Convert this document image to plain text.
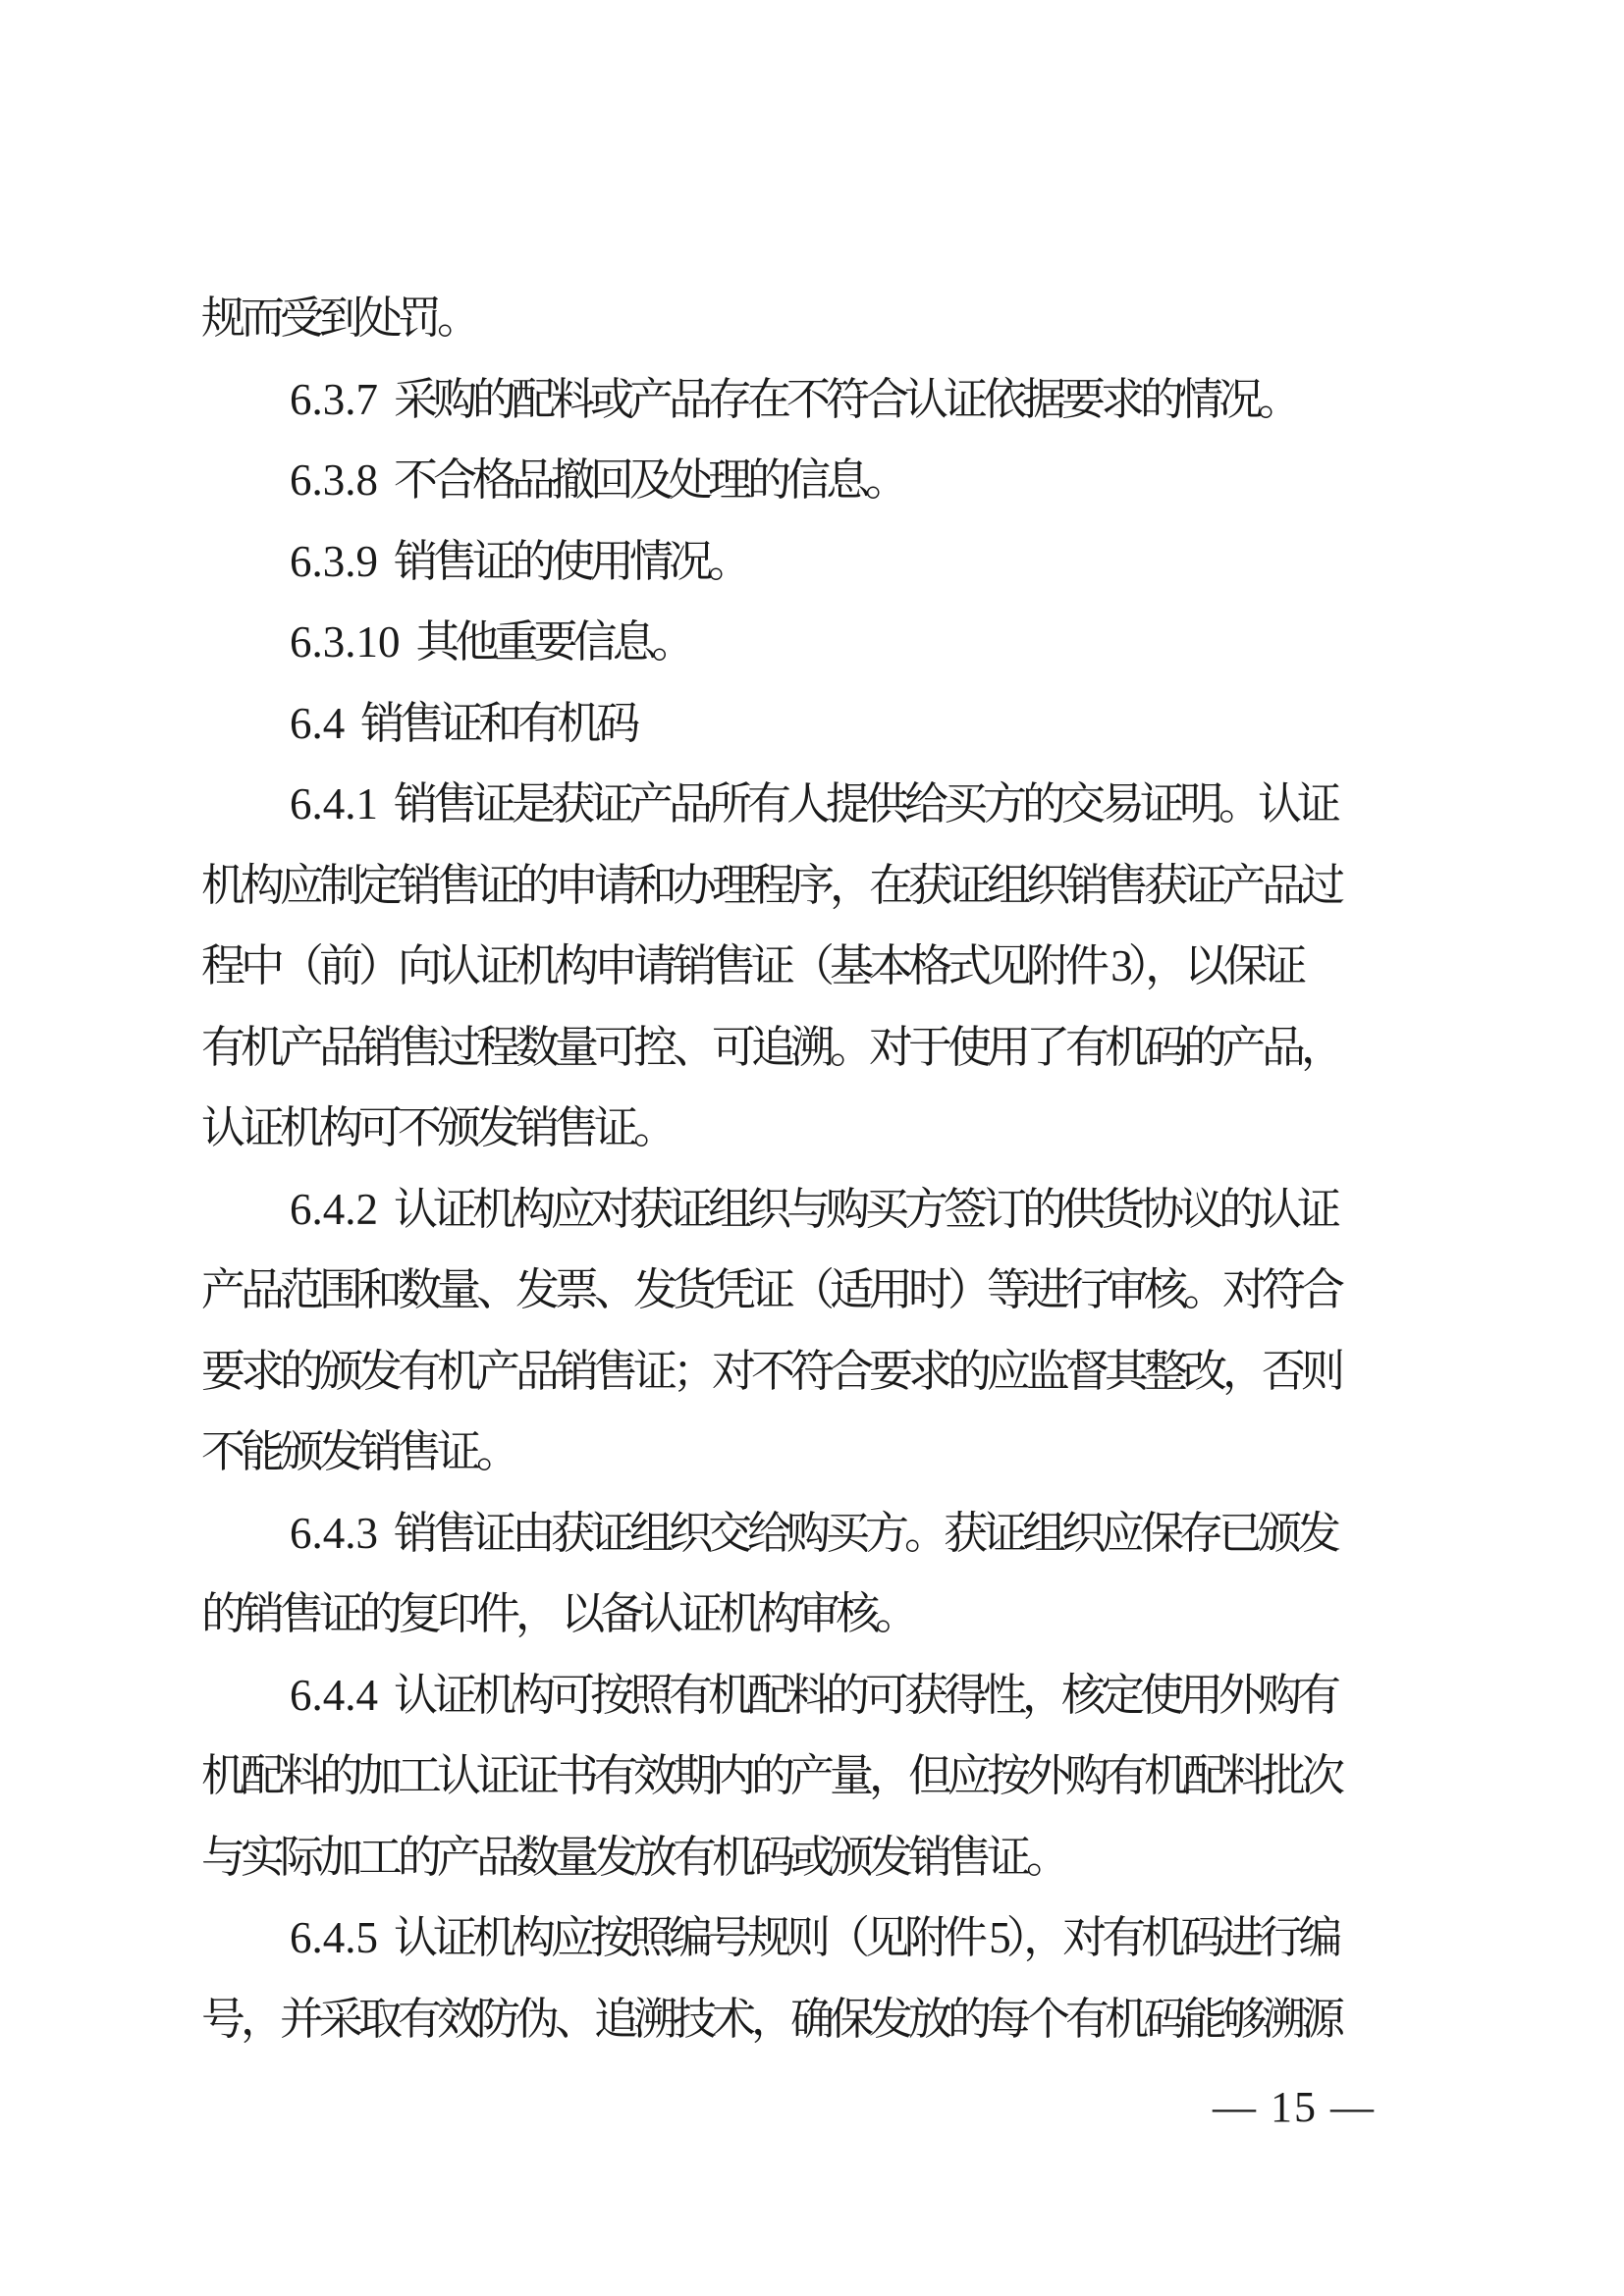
规而受到处罚。
6.3.7 采购的配料或产品存在不符合认证依据要求的情况。
6.3.8 不合格品撤回及处理的信息。
6.3.9 销售证的使用情况。
6.3.10 其他重要信息。
6.4 销售证和有机码
6.4.1 销售证是获证产品所有人提供给买方的交易证明。认证
机构应制定销售证的申请和办理程序，在获证组织销售获证产品过
程中（前）向认证机构申请销售证（基本格式见附件 3），以保证
有机产品销售过程数量可控、可追溯。对于使用了有机码的产品，
认证机构可不颁发销售证。
6.4.2 认证机构应对获证组织与购买方签订的供货协议的认证
产品范围和数量、发票、发货凭证（适用时）等进行审核。对符合
要求的颁发有机产品销售证；对不符合要求的应监督其整改，否则
不能颁发销售证。
6.4.3 销售证由获证组织交给购买方。获证组织应保存已颁发
的销售证的复印件， 以备认证机构审核。
6.4.4 认证机构可按照有机配料的可获得性，核定使用外购有
机配料的加工认证证书有效期内的产量，但应按外购有机配料批次
与实际加工的产品数量发放有机码或颁发销售证。
6.4.5 认证机构应按照编号规则（见附件 5），对有机码进行编
号，并采取有效防伪、追溯技术，确保发放的每个有机码能够溯源
— 15 —
